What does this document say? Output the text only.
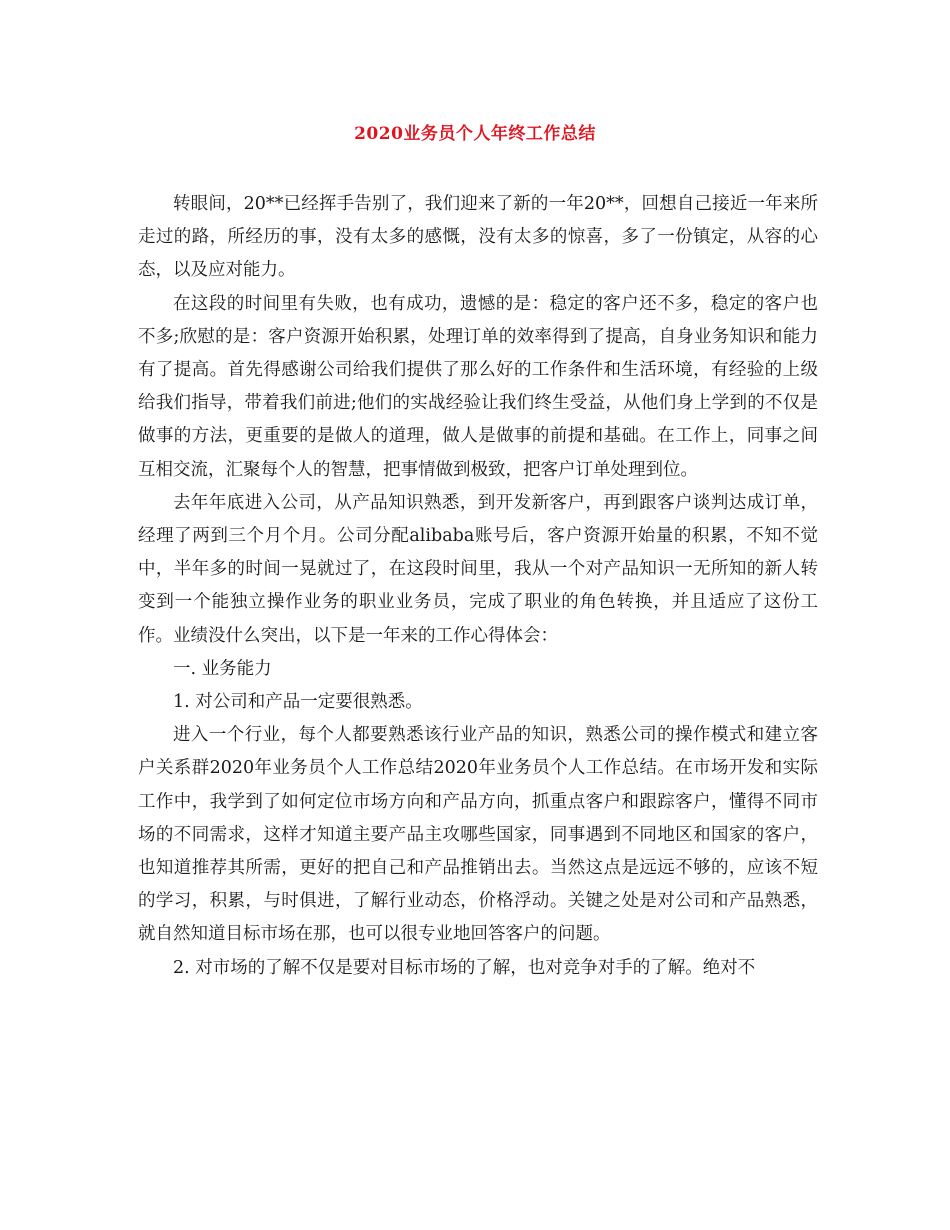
2020业务员个人年终工作总结

转眼间，20**已经挥手告别了，我们迎来了新的一年20**，回想自己接近一年来所走过的路，所经历的事，没有太多的感慨，没有太多的惊喜，多了一份镇定，从容的心态，以及应对能力。

在这段的时间里有失败，也有成功，遗憾的是：稳定的客户还不多，稳定的客户也不多;欣慰的是：客户资源开始积累，处理订单的效率得到了提高，自身业务知识和能力有了提高。首先得感谢公司给我们提供了那么好的工作条件和生活环境，有经验的上级给我们指导，带着我们前进;他们的实战经验让我们终生受益，从他们身上学到的不仅是做事的方法，更重要的是做人的道理，做人是做事的前提和基础。在工作上，同事之间互相交流，汇聚每个人的智慧，把事情做到极致，把客户订单处理到位。

去年年底进入公司，从产品知识熟悉，到开发新客户，再到跟客户谈判达成订单，经理了两到三个月个月。公司分配alibaba账号后，客户资源开始量的积累，不知不觉中，半年多的时间一晃就过了，在这段时间里，我从一个对产品知识一无所知的新人转变到一个能独立操作业务的职业业务员，完成了职业的角色转换，并且适应了这份工作。业绩没什么突出，以下是一年来的工作心得体会：

一. 业务能力

1. 对公司和产品一定要很熟悉。

进入一个行业，每个人都要熟悉该行业产品的知识，熟悉公司的操作模式和建立客户关系群2020年业务员个人工作总结2020年业务员个人工作总结。在市场开发和实际工作中，我学到了如何定位市场方向和产品方向，抓重点客户和跟踪客户，懂得不同市场的不同需求，这样才知道主要产品主攻哪些国家，同事遇到不同地区和国家的客户，也知道推荐其所需，更好的把自己和产品推销出去。当然这点是远远不够的，应该不短的学习，积累，与时俱进，了解行业动态，价格浮动。关键之处是对公司和产品熟悉，就自然知道目标市场在那，也可以很专业地回答客户的问题。

2. 对市场的了解不仅是要对目标市场的了解，也对竞争对手的了解。绝对不
